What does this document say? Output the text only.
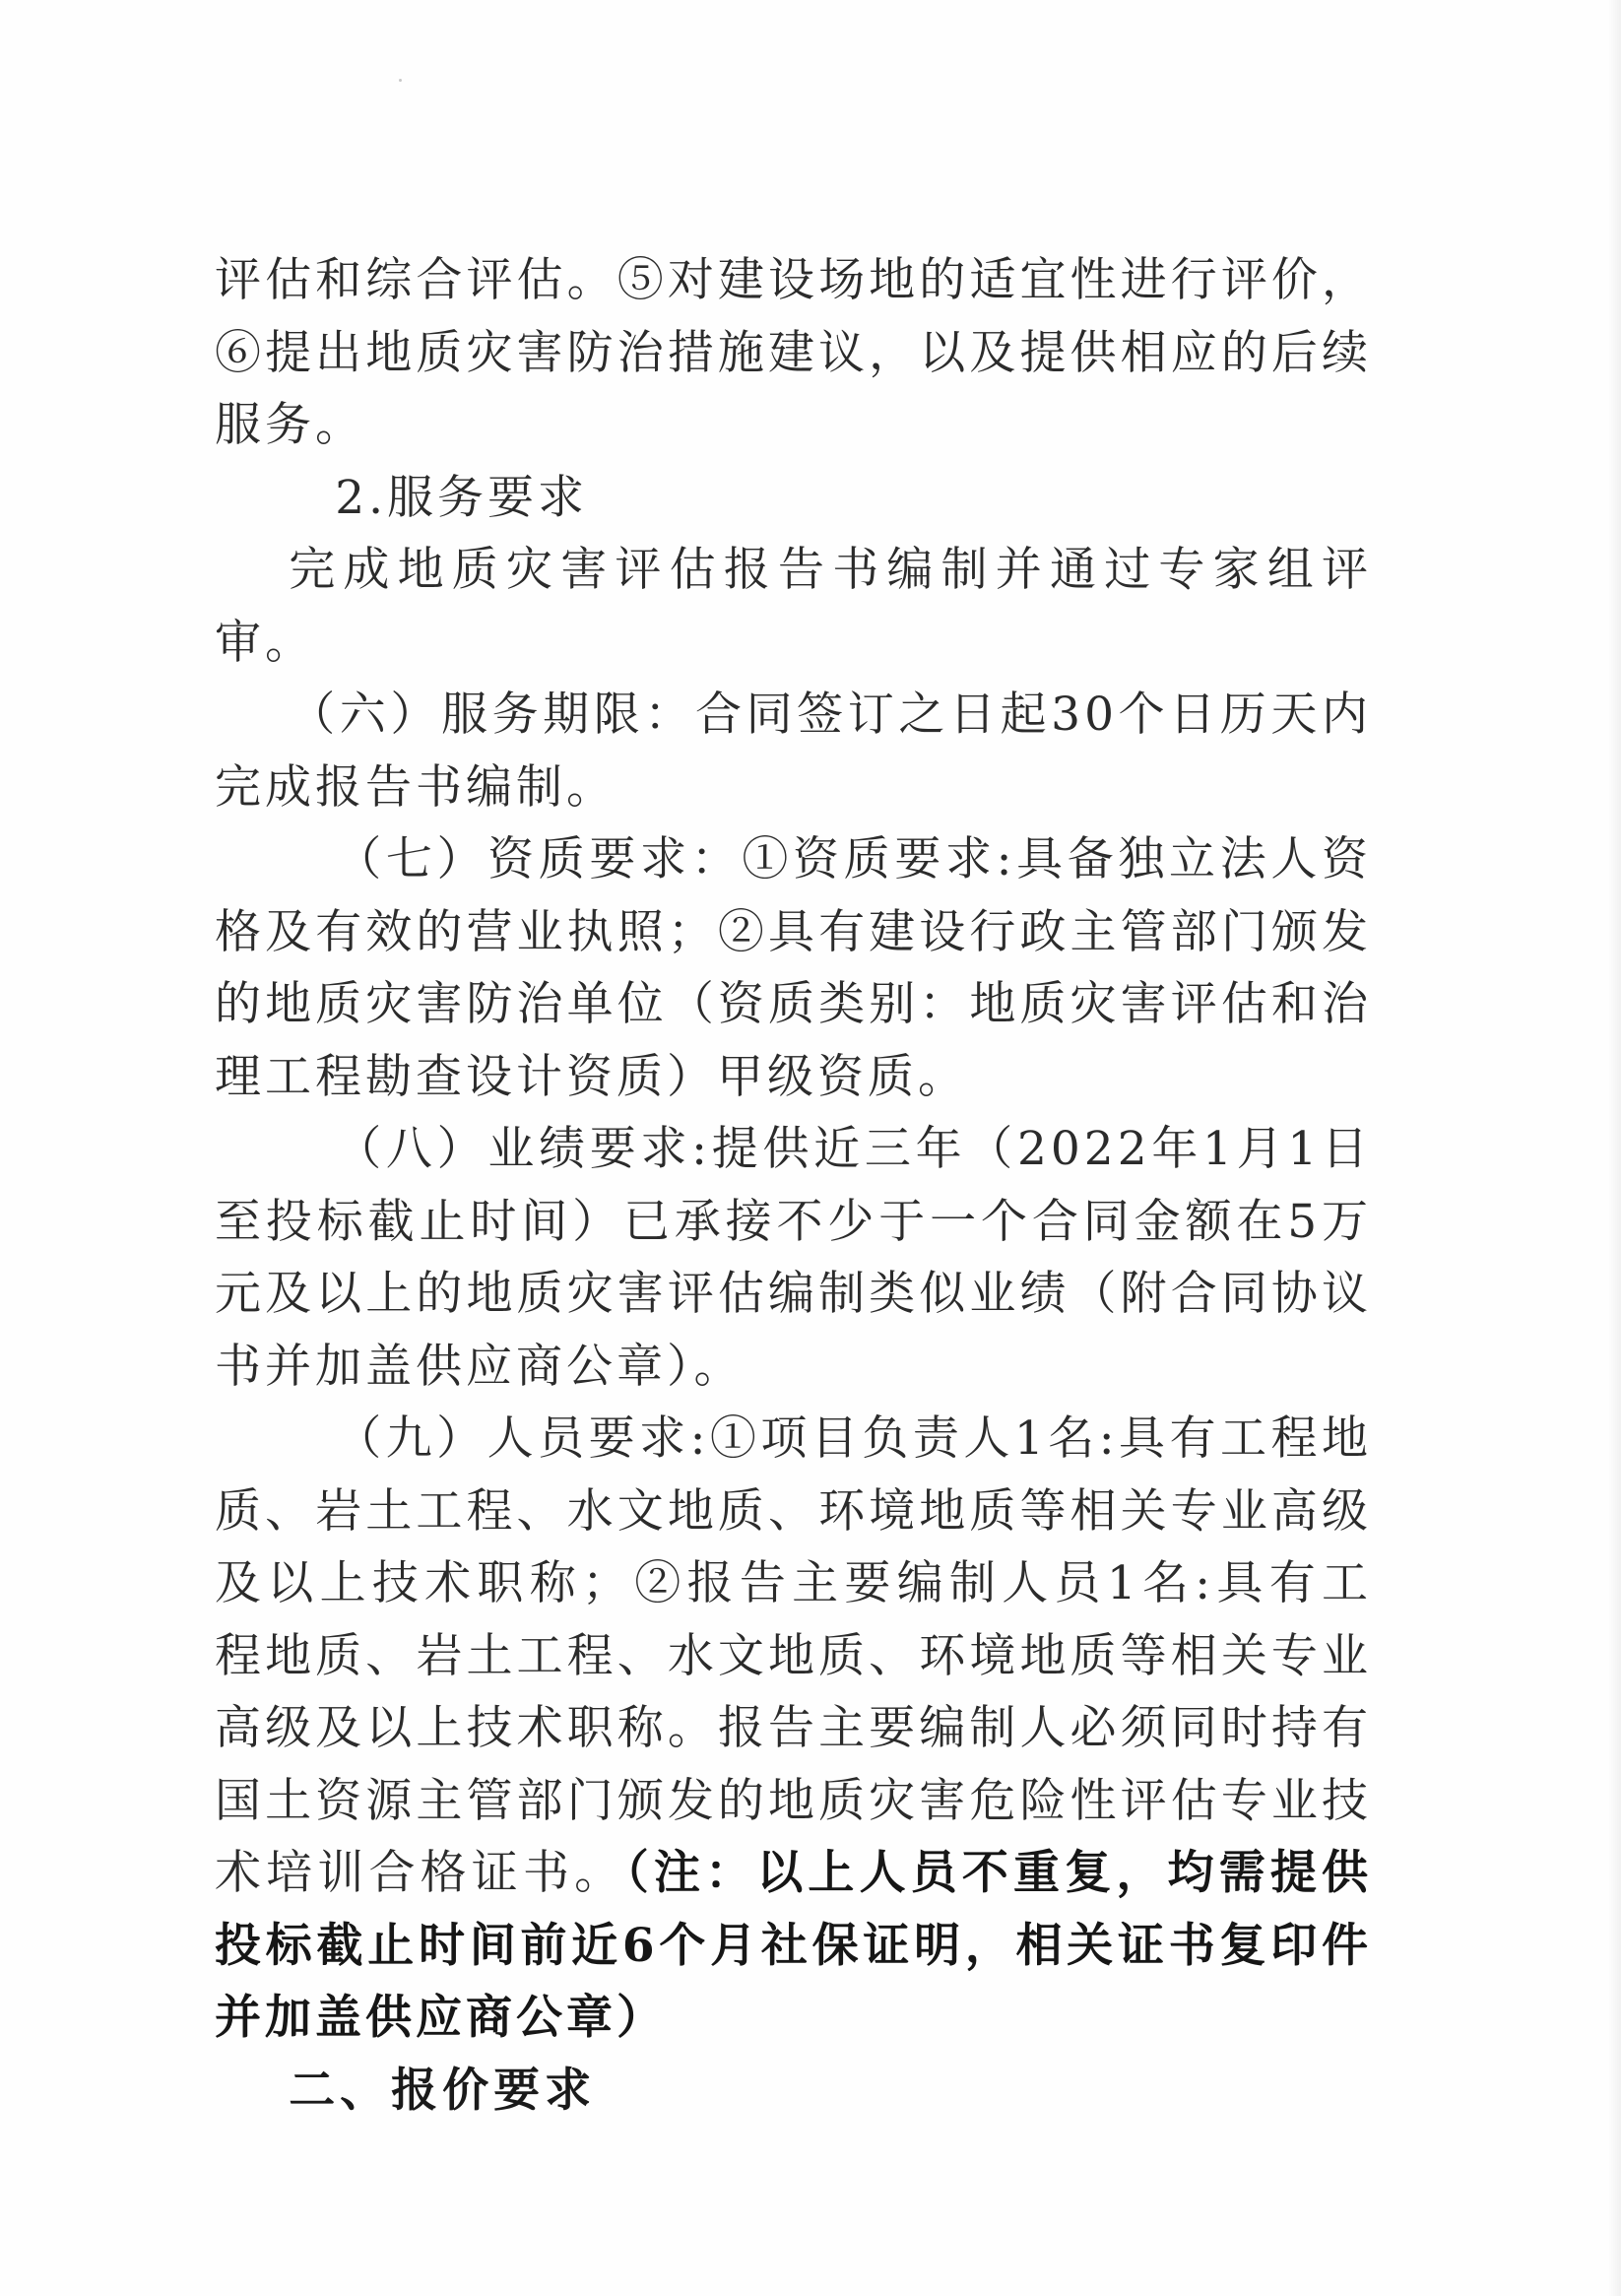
评估和综合评估。⑤对建设场地的适宜性进行评价，⑥提出地质灾害防治措施建议，以及提供相应的后续服务。

2.服务要求

完成地质灾害评估报告书编制并通过专家组评审。

（六）服务期限：合同签订之日起30个日历天内完成报告书编制。

（七）资质要求：①资质要求:具备独立法人资格及有效的营业执照；②具有建设行政主管部门颁发的地质灾害防治单位（资质类别：地质灾害评估和治理工程勘查设计资质）甲级资质。

（八）业绩要求:提供近三年（2022年1月1日至投标截止时间）已承接不少于一个合同金额在5万元及以上的地质灾害评估编制类似业绩（附合同协议书并加盖供应商公章）。

（九）人员要求:①项目负责人1名:具有工程地质、岩土工程、水文地质、环境地质等相关专业高级及以上技术职称；②报告主要编制人员1名:具有工程地质、岩土工程、水文地质、环境地质等相关专业高级及以上技术职称。报告主要编制人必须同时持有国土资源主管部门颁发的地质灾害危险性评估专业技术培训合格证书。（注：以上人员不重复，均需提供投标截止时间前近6个月社保证明，相关证书复印件并加盖供应商公章）

二、报价要求
